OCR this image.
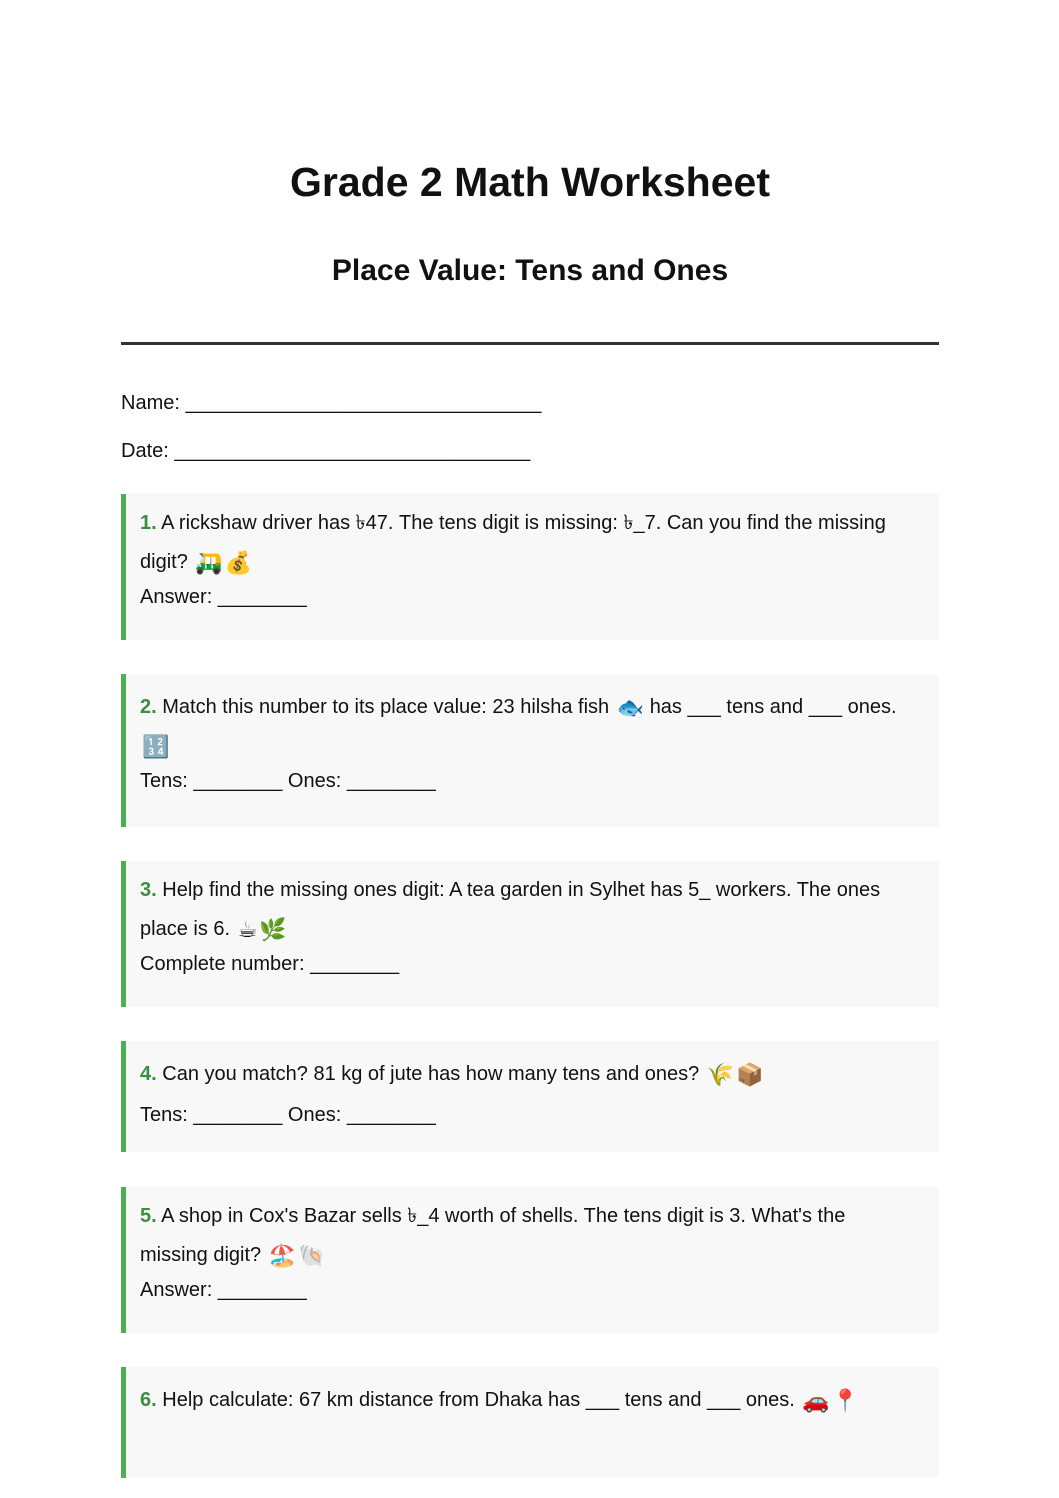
Grade 2 Math Worksheet
Place Value: Tens and Ones
Name: ________________________________
Date: ________________________________

1. A rickshaw driver has ৳47. The tens digit is missing: ৳_7. Can you find the missing digit? 🛺💰

Answer: ________

2. Match this number to its place value: 23 hilsha fish 🐟 has ___ tens and ___ ones. 🔢

Tens: ________ Ones: ________

3. Help find the missing ones digit: A tea garden in Sylhet has 5_ workers. The ones place is 6. ☕🌿

Complete number: ________

4. Can you match? 81 kg of jute has how many tens and ones? 🌾📦

Tens: ________ Ones: ________

5. A shop in Cox's Bazar sells ৳_4 worth of shells. The tens digit is 3. What's the missing digit? 🏖️🐚

Answer: ________

6. Help calculate: 67 km distance from Dhaka has ___ tens and ___ ones. 🚗📍
